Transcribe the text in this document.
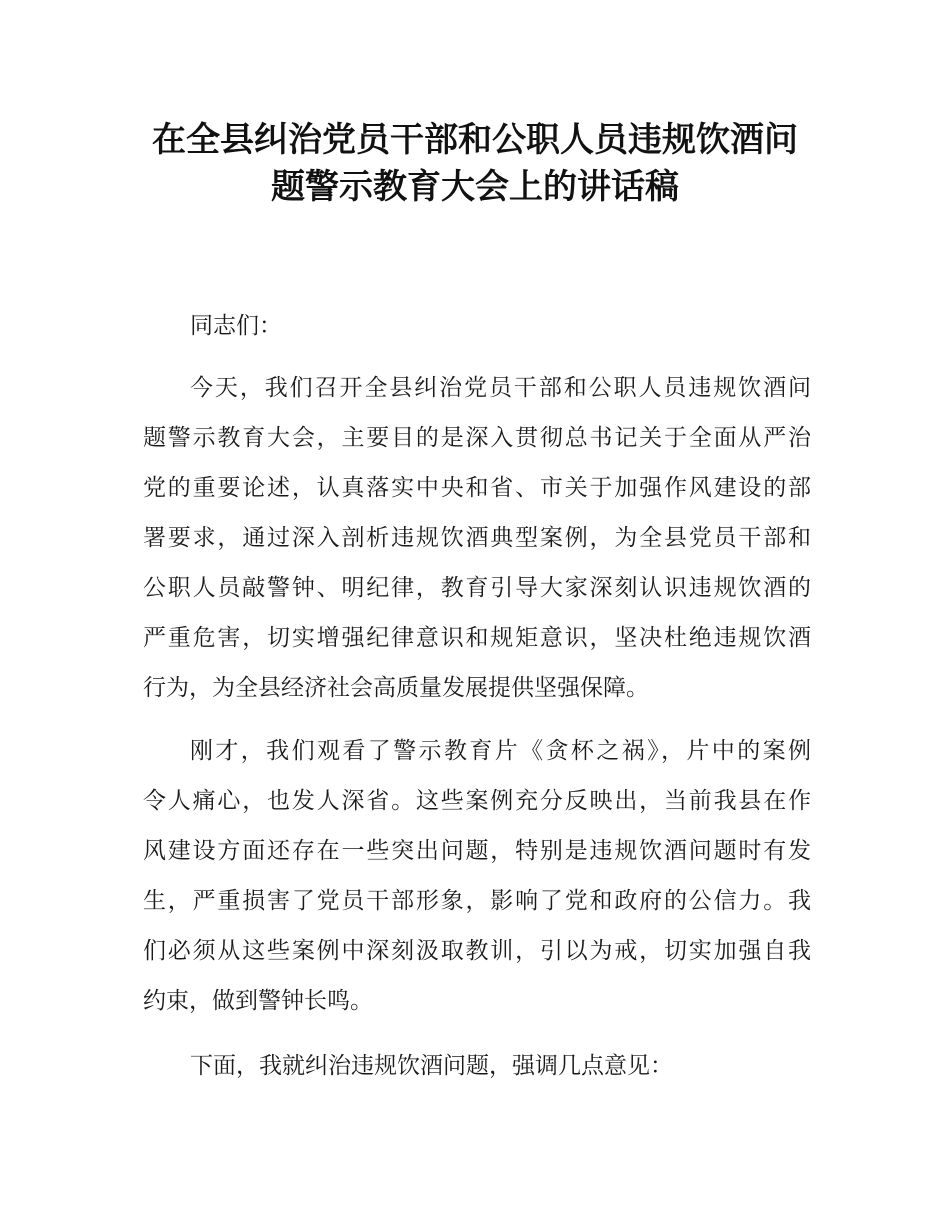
在全县纠治党员干部和公职人员违规饮酒问
题警示教育大会上的讲话稿
同志们：
今天，我们召开全县纠治党员干部和公职人员违规饮酒问
题警示教育大会，主要目的是深入贯彻总书记关于全面从严治
党的重要论述，认真落实中央和省、市关于加强作风建设的部
署要求，通过深入剖析违规饮酒典型案例，为全县党员干部和
公职人员敲警钟、明纪律，教育引导大家深刻认识违规饮酒的
严重危害，切实增强纪律意识和规矩意识，坚决杜绝违规饮酒
行为，为全县经济社会高质量发展提供坚强保障。
刚才，我们观看了警示教育片《贪杯之祸》，片中的案例
令人痛心，也发人深省。这些案例充分反映出，当前我县在作
风建设方面还存在一些突出问题，特别是违规饮酒问题时有发
生，严重损害了党员干部形象，影响了党和政府的公信力。我
们必须从这些案例中深刻汲取教训，引以为戒，切实加强自我
约束，做到警钟长鸣。
下面，我就纠治违规饮酒问题，强调几点意见：
